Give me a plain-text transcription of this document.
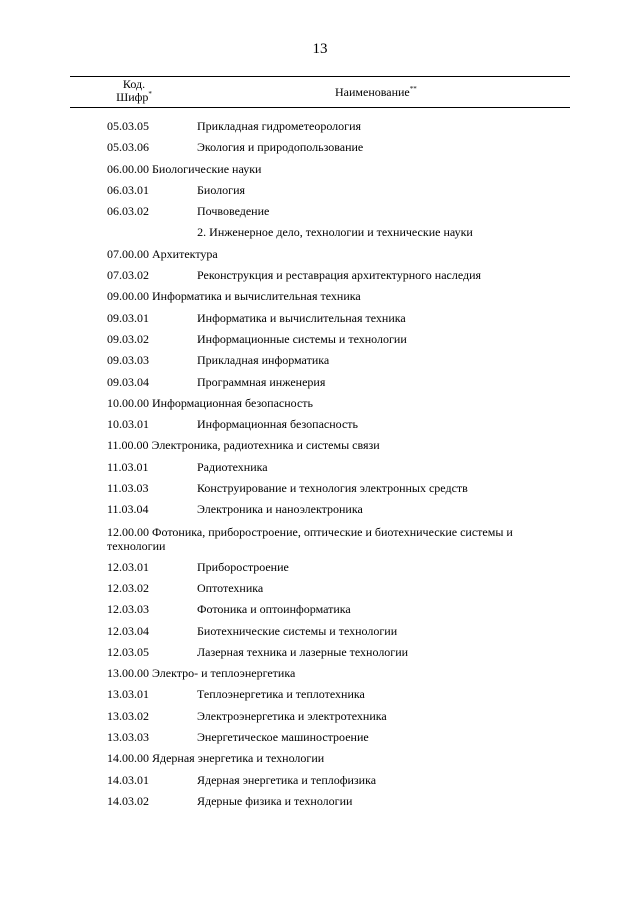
13
Код.
Шифр*	Наименование**
05.03.05	Прикладная гидрометеорология
05.03.06	Экология и природопользование
06.00.00 Биологические науки
06.03.01	Биология
06.03.02	Почвоведение
2. Инженерное дело, технологии и технические науки
07.00.00 Архитектура
07.03.02	Реконструкция и реставрация архитектурного наследия
09.00.00 Информатика и вычислительная техника
09.03.01	Информатика и вычислительная техника
09.03.02	Информационные системы и технологии
09.03.03	Прикладная информатика
09.03.04	Программная инженерия
10.00.00 Информационная безопасность
10.03.01	Информационная безопасность
11.00.00 Электроника, радиотехника и системы связи
11.03.01	Радиотехника
11.03.03	Конструирование и технология электронных средств
11.03.04	Электроника и наноэлектроника
12.00.00 Фотоника, приборостроение, оптические и биотехнические системы и технологии
12.03.01	Приборостроение
12.03.02	Оптотехника
12.03.03	Фотоника и оптоинформатика
12.03.04	Биотехнические системы и технологии
12.03.05	Лазерная техника и лазерные технологии
13.00.00 Электро- и теплоэнергетика
13.03.01	Теплоэнергетика и теплотехника
13.03.02	Электроэнергетика и электротехника
13.03.03	Энергетическое машиностроение
14.00.00 Ядерная энергетика и технологии
14.03.01	Ядерная энергетика и теплофизика
14.03.02	Ядерные физика и технологии
